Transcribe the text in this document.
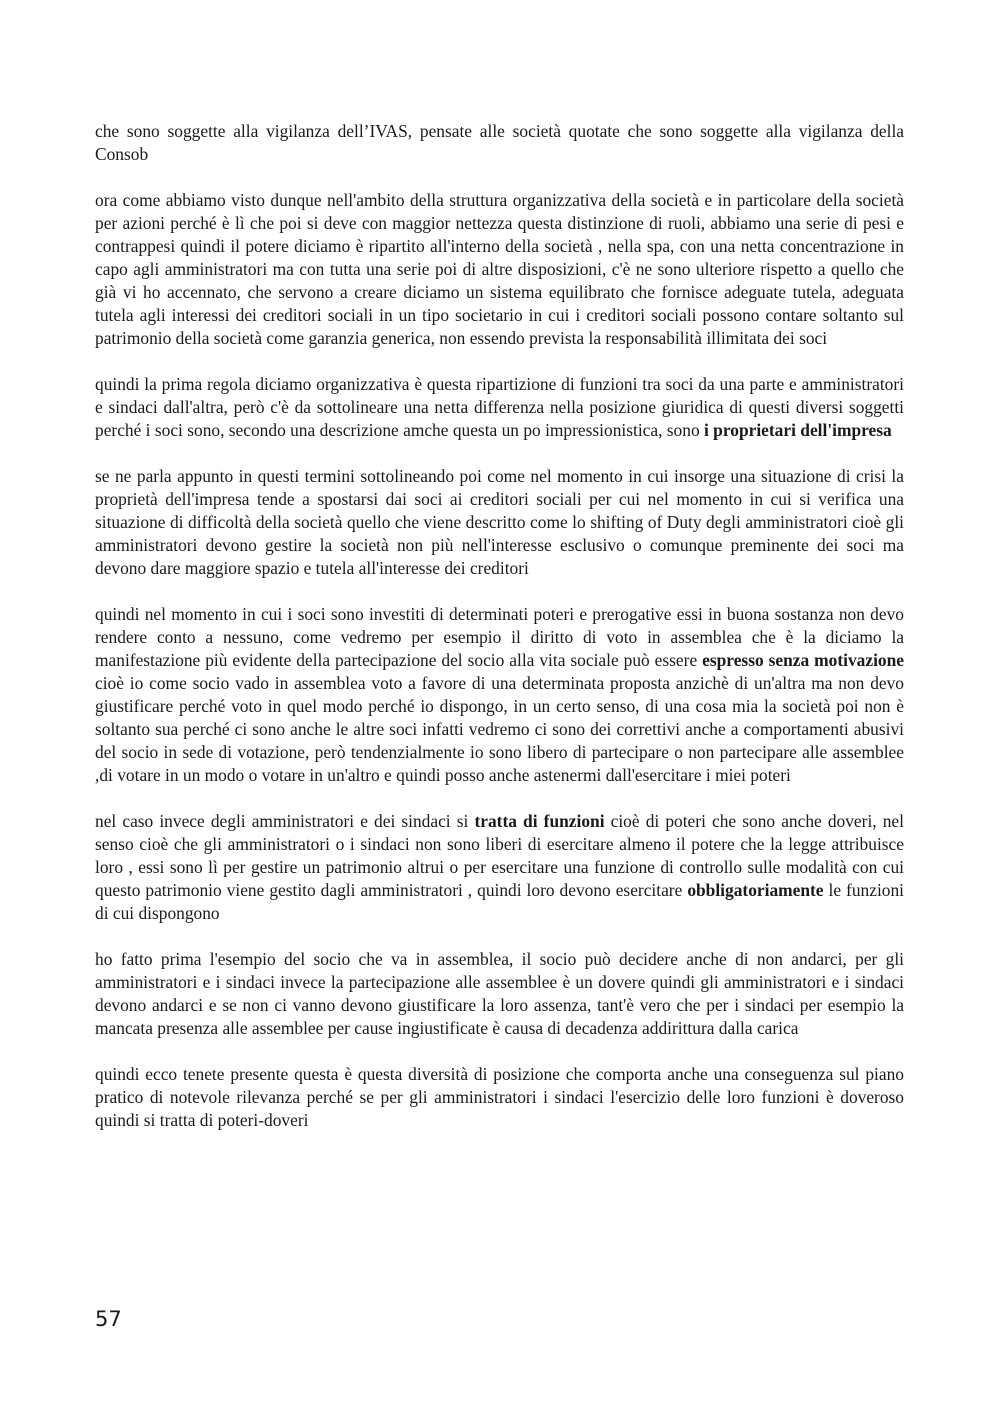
che sono soggette alla vigilanza dell’IVAS, pensate alle società quotate che sono soggette alla vigilanza della Consob

ora come abbiamo visto dunque nell'ambito della struttura organizzativa della società e in particolare della società per azioni perché è lì che poi si deve con maggior nettezza questa distinzione di ruoli, abbiamo una serie di pesi e contrappesi quindi il potere diciamo è ripartito all'interno della società , nella spa, con una netta concentrazione in capo agli amministratori ma con tutta una serie poi di altre disposizioni, c'è ne sono ulteriore rispetto a quello che già vi ho accennato, che servono a creare diciamo un sistema equilibrato che fornisce adeguate tutela, adeguata tutela agli interessi dei creditori sociali in un tipo societario in cui i creditori sociali possono contare soltanto sul patrimonio della società come garanzia generica, non essendo prevista la responsabilità illimitata dei soci

quindi la prima regola diciamo organizzativa è questa ripartizione di funzioni tra soci da una parte e amministratori e sindaci dall'altra, però c'è da sottolineare una netta differenza nella posizione giuridica di questi diversi soggetti perché i soci sono, secondo una descrizione amche questa un po impressionistica, sono i proprietari dell'impresa

se ne parla appunto in questi termini sottolineando poi come nel momento in cui insorge una situazione di crisi la proprietà dell'impresa tende a spostarsi dai soci ai creditori sociali per cui nel momento in cui si verifica una situazione di difficoltà della società quello che viene descritto come lo shifting of Duty degli amministratori cioè gli amministratori devono gestire la società non più nell'interesse esclusivo o comunque preminente dei soci ma devono dare maggiore spazio e tutela all'interesse dei creditori

quindi nel momento in cui i soci sono investiti di determinati poteri e prerogative essi in buona sostanza non devo rendere conto a nessuno, come vedremo per esempio il diritto di voto in assemblea che è la diciamo la manifestazione più evidente della partecipazione del socio alla vita sociale può essere espresso senza motivazione cioè io come socio vado in assemblea voto a favore di una determinata proposta anzichè di un'altra ma non devo giustificare perché voto in quel modo perché io dispongo, in un certo senso, di una cosa mia la società poi non è soltanto sua perché ci sono anche le altre soci infatti vedremo ci sono dei correttivi anche a comportamenti abusivi del socio in sede di votazione, però tendenzialmente io sono libero di partecipare o non partecipare alle assemblee ,di votare in un modo o votare in un'altro e quindi posso anche astenermi dall'esercitare i miei poteri

nel caso invece degli amministratori e dei sindaci si tratta di funzioni cioè di poteri che sono anche doveri, nel senso cioè che gli amministratori o i sindaci non sono liberi di esercitare almeno il potere che la legge attribuisce loro , essi sono lì per gestire un patrimonio altrui o per esercitare una funzione di controllo sulle modalità con cui questo patrimonio viene gestito dagli amministratori , quindi loro devono esercitare obbligatoriamente le funzioni di cui dispongono

ho fatto prima l'esempio del socio che va in assemblea, il socio può decidere anche di non andarci, per gli amministratori e i sindaci invece la partecipazione alle assemblee è un dovere quindi gli amministratori e i sindaci devono andarci e se non ci vanno devono giustificare la loro assenza, tant'è vero che per i sindaci per esempio la mancata presenza alle assemblee per cause ingiustificate è causa di decadenza addirittura dalla carica

quindi ecco tenete presente questa è questa diversità di posizione che comporta anche una conseguenza sul piano pratico di notevole rilevanza perché se per gli amministratori i sindaci l'esercizio delle loro funzioni è doveroso quindi si tratta di poteri-doveri

57
